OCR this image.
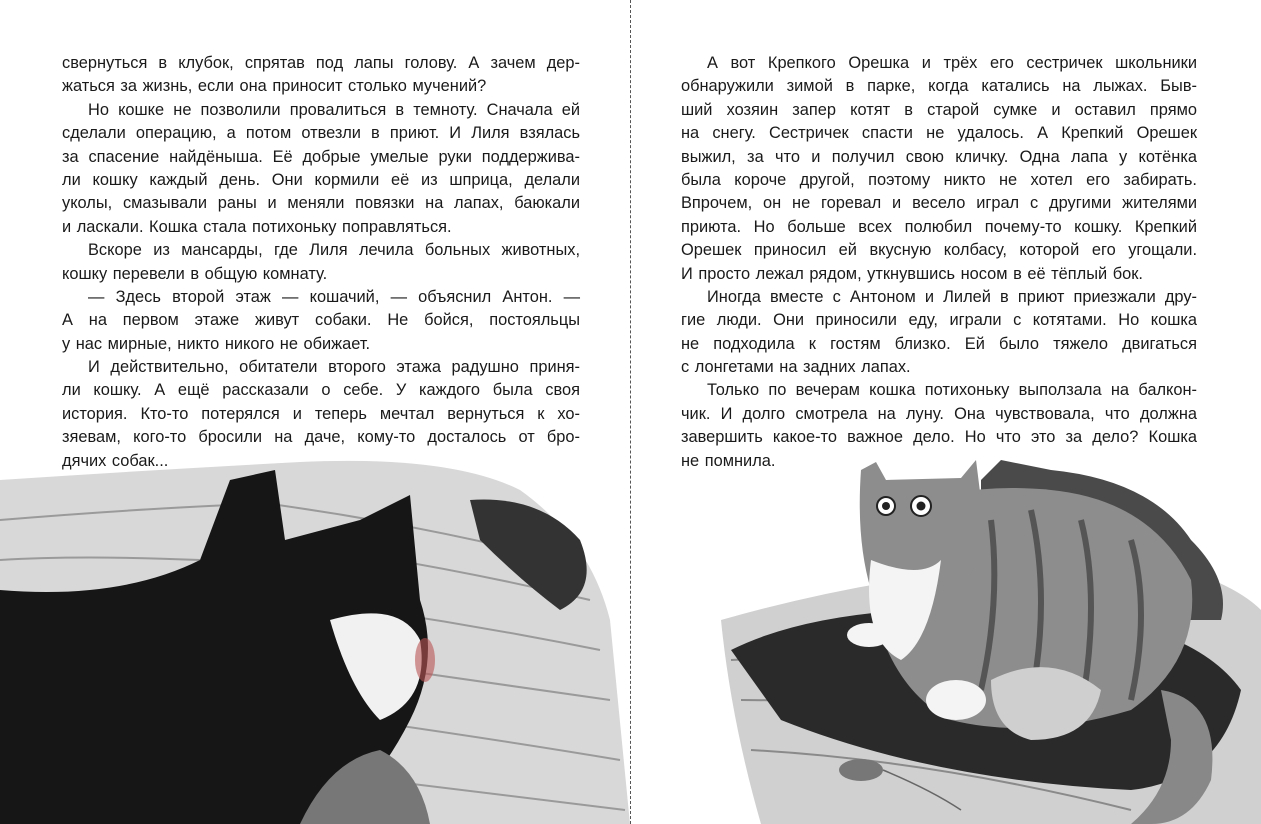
свернуться в клубок, спрятав под лапы голову. А зачем дер-
жаться за жизнь, если она приносит столько мучений?
Но кошке не позволили провалиться в темноту. Сначала ей
сделали операцию, а потом отвезли в приют. И Лиля взялась
за спасение найдёныша. Её добрые умелые руки поддержива-
ли кошку каждый день. Они кормили её из шприца, делали
уколы, смазывали раны и меняли повязки на лапах, баюкали
и ласкали. Кошка стала потихоньку поправляться.
Вскоре из мансарды, где Лиля лечила больных животных,
кошку перевели в общую комнату.
— Здесь второй этаж — кошачий, — объяснил Антон. —
А на первом этаже живут собаки. Не бойся, постояльцы
у нас мирные, никто никого не обижает.
И действительно, обитатели второго этажа радушно приня-
ли кошку. А ещё рассказали о себе. У каждого была своя
история. Кто-то потерялся и теперь мечтал вернуться к хо-
зяевам, кого-то бросили на даче, кому-то досталось от бро-
дячих собак...
А вот Крепкого Орешка и трёх его сестричек школьники
обнаружили зимой в парке, когда катались на лыжах. Быв-
ший хозяин запер котят в старой сумке и оставил прямо
на снегу. Сестричек спасти не удалось. А Крепкий Орешек
выжил, за что и получил свою кличку. Одна лапа у котёнка
была короче другой, поэтому никто не хотел его забирать.
Впрочем, он не горевал и весело играл с другими жителями
приюта. Но больше всех полюбил почему-то кошку. Крепкий
Орешек приносил ей вкусную колбасу, которой его угощали.
И просто лежал рядом, уткнувшись носом в её тёплый бок.
Иногда вместе с Антоном и Лилей в приют приезжали дру-
гие люди. Они приносили еду, играли с котятами. Но кошка
не подходила к гостям близко. Ей было тяжело двигаться
с лонгетами на задних лапах.
Только по вечерам кошка потихоньку выползала на балкон-
чик. И долго смотрела на луну. Она чувствовала, что должна
завершить какое-то важное дело. Но что это за дело? Кошка
не помнила.
